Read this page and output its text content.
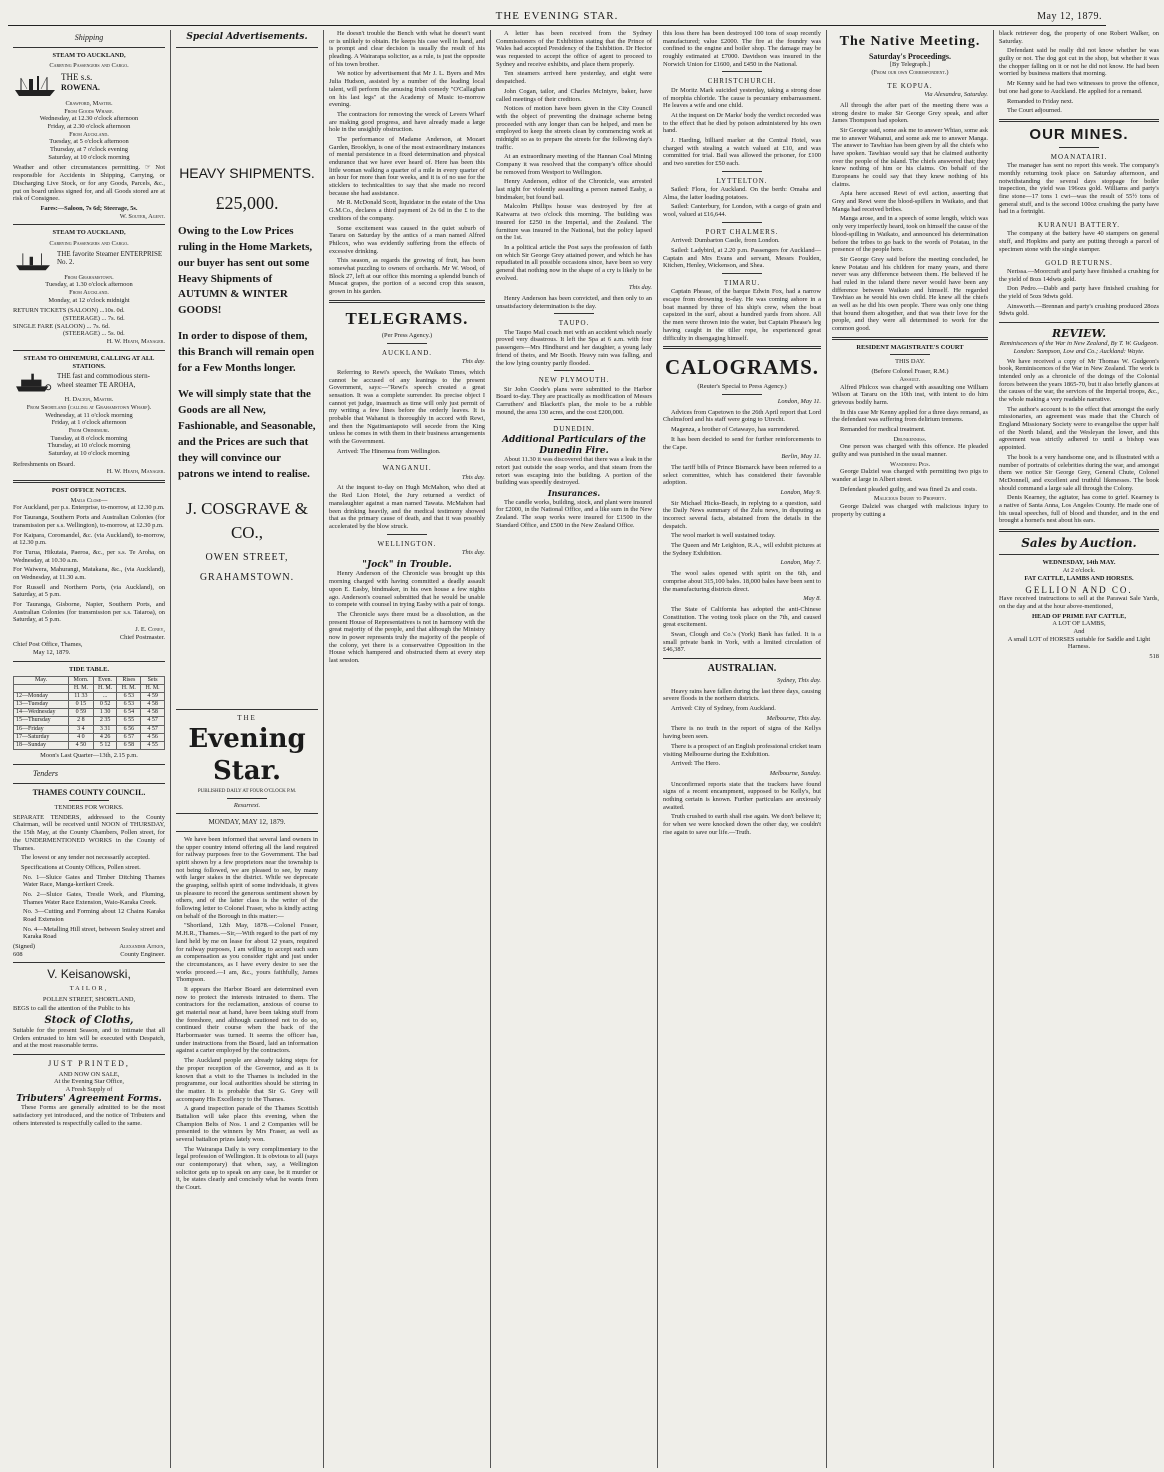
THE EVENING STAR.	May 12, 1879.
Shipping
STEAM TO AUCKLAND,
Carrying Passengers and Cargo.
THE s.s.
ROWENA.
Crawford, Master.
From Goods Wharf.
Wednesday, at 12.30 o'clock afternoon
Friday, at 2.30 o'clock afternoon
From Auckland.
Tuesday, at 5 o'clock afternoon
Thursday, at 7 o'clock evening
Saturday, at 10 o'clock morning

Weather and other circumstances permitting. ☞ Not responsible for Accidents in Shipping, Carrying, or Discharging Live Stock, or for any Goods, Parcels, &c., put on board unless signed for, and all Goods stored are at risk of Consignee.

Fares:—Saloon, 7s 6d; Steerage, 5s.
W. Souter, Agent.
STEAM TO AUCKLAND,
Carrying Passengers and Cargo.
THE favorite Steamer ENTERPRISE No. 2.
From Grahamstown.
Tuesday, at 1.30 o'clock afternoon
From Auckland.
Monday, at 12 o'clock midnight
RETURN TICKETS (SALOON) ...10s. 0d.
(STEERAGE) ... 7s. 6d.
SINGLE FARE (SALOON) ... 7s. 6d.
(STEERAGE) ... 5s. 0d.
H. W. Heath, Manager.
STEAM TO OHINEMURI, CALLING AT ALL STATIONS.
THE fast and commodious stern-wheel steamer TE AROHA,
H. Dalton, Master.
From Shortland (calling at Grahamstown Wharf).
Wednesday, at 11 o'clock morning
Friday, at 1 o'clock afternoon
From Ohinemuri.
Tuesday, at 8 o'clock morning
Thursday, at 10 o'clock morning
Saturday, at 10 o'clock morning
Refreshments on Board.
H. W. Heath, Manager.
POST OFFICE NOTICES.
Mails Close—

For Auckland, per p.s. Enterprise, to-morrow, at 12.30 p.m.

For Tauranga, Southern Ports and Australian Colonies (for transmission per s.s. Wellington), to-morrow, at 12.30 p.m.

For Kaipara, Coromandel, &c. (via Auckland), to-morrow, at 12.30 p.m.

For Turua, Hikutaia, Paeroa, &c., per s.s. Te Aroha, on Wednesday, at 10.30 a.m.

For Waiwera, Mahurangi, Matakana, &c., (via Auckland), on Wednesday, at 11.30 a.m.

For Russell and Northern Ports, (via Auckland), on Saturday, at 5 p.m.

For Tauranga, Gisborne, Napier, Southern Ports, and Australian Colonies (for transmission per s.s. Taiaroa), on Saturday, at 5 p.m.

J. E. Coney,
Chief Postmaster.
Chief Post Office, Thames,
May 12, 1879.
TIDE TABLE.
May.	Morn.	Even.	Rises	Sets
	H. M.	H. M.	H. M.	H. M.
12—Monday	11 33	...	6 53	4 59
13—Tuesday	0 15	0 52	6 53	4 58
14—Wednesday	0 59	1 30	6 54	4 58
15—Thursday	2 8	2 35	6 55	4 57
16—Friday	3 4	3 31	6 56	4 57
17—Saturday	4 0	4 26	6 57	4 56
18—Sunday	4 50	5 12	6 58	4 55
Moon's Last Quarter—13th, 2.15 p.m.
Tenders
THAMES COUNTY COUNCIL.
TENDERS FOR WORKS.

SEPARATE TENDERS, addressed to the County Chairman, will be received until NOON of THURSDAY, the 15th May, at the County Chambers, Pollen street, for the UNDERMENTIONED WORKS in the County of Thames.

The lowest or any tender not necessarily accepted.

Specifications at County Offices, Pollen street.

No. 1—Sluice Gates and Timber Ditching Thames Water Race, Manga-kerikeri Creek.

No. 2—Sluice Gates, Trestle Work, and Fluming, Thames Water Race Extension, Waio-Karaka Creek.

No. 3—Cutting and Forming about 12 Chains Karaka Road Extension

No. 4—Metalling Hill street, between Sealey street and Karaka Road

(Signed)	Alexander Aitken,
608	County Engineer.
V. Keisanowski,
TAILOR,
POLLEN STREET, SHORTLAND,

BEGS to call the attention of the Public to his

Stock of Cloths,

Suitable for the present Season, and to intimate that all Orders entrusted to him will be executed with Despatch, and at the most reasonable terms.

JUST PRINTED,
AND NOW ON SALE,
At the Evening Star Office,
A Fresh Supply of
Tributers' Agreement Forms.

These Forms are generally admitted to be the most satisfactory yet introduced, and the notice of Tributers and others interested is respectfully called to the same.

Special Advertisements.
HEAVY SHIPMENTS.
£25,000.
Owing to the Low Prices ruling in the Home Markets, our buyer has sent out some Heavy Shipments of AUTUMN & WINTER GOODS!
In order to dispose of them, this Branch will remain open for a Few Months longer.
We will simply state that the Goods are all New, Fashionable, and Seasonable, and the Prices are such that they will convince our patrons we intend to realise.
J. COSGRAVE & CO.,
OWEN STREET,
GRAHAMSTOWN.
THE
Evening Star.
PUBLISHED DAILY AT FOUR O'CLOCK P.M.
Resurrexi.
MONDAY, MAY 12, 1879.

We have been informed that several land owners in the upper country intend offering all the land required for railway purposes free to the Government. The bad spirit shown by a few proprietors near the township is not being followed, we are pleased to see, by many with larger stakes in the district. While we deprecate the grasping, selfish spirit of some individuals, it gives us pleasure to record the generous sentiment shown by others, and of the latter class is the writer of the following letter to Colonel Fraser, who is kindly acting on behalf of the Borough in this matter:—

"Shortland, 12th May, 1878.—Colonel Fraser, M.H.R., Thames.—Sir,—With regard to the part of my land held by me on lease for about 12 years, required for railway purposes, I am willing to accept such sum as compensation as you consider right and just under the circumstances, as I have every desire to see the works proceed.—I am, &c., yours faithfully, James Thompson.

It appears the Harbor Board are determined even now to protect the interests intrusted to them. The contractors for the reclamation, anxious of course to get material near at hand, have been taking stuff from the foreshore, and although cautioned not to do so, continued their course when the back of the Harbormaster was turned. It seems the officer has, under instructions from the Board, laid an information against a carter employed by the contractors.

The Auckland people are already taking steps for the proper reception of the Governor, and as it is known that a visit to the Thames is included in the programme, our local authorities should be stirring in the matter. It is probable that Sir G. Grey will accompany His Excellency to the Thames.

A grand inspection parade of the Thames Scottish Battalion will take place this evening, when the Champion Belts of Nos. 1 and 2 Companies will be presented to the winners by Mrs Fraser, as well as several battalion prizes lately won.

The Wairarapa Daily is very complimentary to the legal profession of Wellington. It is obvious to all (says our contemporary) that when, say, a Wellington solicitor gets up to speak on any case, be it murder or it, be states clearly and concisely what he wants from the Court.

He doesn't trouble the Bench with what he doesn't want or is unlikely to obtain. He keeps his case well in hand, and is prompt and clear decision is usually the result of his pleading. A Wairarapa solicitor, as a rule, is just the opposite of his town brother.

We notice by advertisement that Mr J. L. Byers and Mrs Julia Hudson, assisted by a number of the leading local talent, will perform the amusing Irish comedy "O'Callaghan on his last legs" at the Academy of Music to-morrow evening.

The contractors for removing the wreck of Levers Wharf are making good progress, and have already made a large hole in the unsightly obstruction.

The performance of Madame Anderson, at Mozart Garden, Brooklyn, is one of the most extraordinary instances of mental persistence in a fixed determination and physical endurance that we have ever heard of. Here has been this little woman walking a quarter of a mile in every quarter of an hour for more than four weeks, and it is of no use for the sticklers to technicalities to say that she made no record because she had assistance.

Mr R. McDonald Scott, liquidator in the estate of the Una G.M.Co., declares a third payment of 2s 6d in the £ to the creditors of the company.

Some excitement was caused in the quiet suburb of Tararu on Saturday by the antics of a man named Alfred Philcox, who was evidently suffering from the effects of excessive drinking.

This season, as regards the growing of fruit, has been somewhat puzzling to owners of orchards. Mr W. Wood, of Block 27, left at our office this morning a splendid bunch of Muscat grapes, the portion of a second crop this season, grown in his garden.

TELEGRAMS.
(Per Press Agency.)
AUCKLAND.
This day.

Referring to Rewi's speech, the Waikato Times, which cannot be accused of any leanings to the present Government, says:—"Rewi's speech created a great sensation. It was a complete surrender. Its precise object I cannot yet judge, inasmuch as time will only just permit of my writing a few lines before the orderly leaves. It is probable that Wahanui is thoroughly in accord with Rewi, and then the Ngatimaniapoto will secede from the King unless he comes in with them in their business arrangements with the Government.

Arrived: The Hinemoa from Wellington.

WANGANUI.
This day.

At the inquest to-day on Hugh McMahon, who died at the Red Lion Hotel, the Jury returned a verdict of manslaughter against a man named Tawata. McMahon had been drinking heavily, and the medical testimony showed that as the primary cause of death, and that it was possibly accelerated by the blow struck.

WELLINGTON.
This day.
"Jock" in Trouble.

Henry Anderson of the Chronicle was brought up this morning charged with having committed a deadly assault upon E. Easby, bindmaker, in his own house a few nights ago. Anderson's counsel submitted that he would be unable to compete with counsel in trying Easby with a pair of tongs.

The Chronicle says there must be a dissolution, as the present House of Representatives is not in harmony with the great majority of the people, and that although the Ministry now in power represents truly the majority of the people of the colony, yet there is a conservative Opposition in the House which hampered and obstructed them at every step last session.

A letter has been received from the Sydney Commissioners of the Exhibition stating that the Prince of Wales had accepted Presidency of the Exhibition. Dr Hector was requested to accept the office of agent to proceed to Sydney and receive exhibits, and place them properly.

Ten steamers arrived here yesterday, and eight were despatched.

John Cogan, tailor, and Charles McIntyre, baker, have called meetings of their creditors.

Notices of motion have been given in the City Council with the object of preventing the drainage scheme being proceeded with any longer than can be helped, and men be employed to keep the streets clean by commencing work at midnight so as to prepare the streets for the following day's traffic.

At an extraordinary meeting of the Hannan Coal Mining Company it was resolved that the company's office should be removed from Westport to Wellington.

Henry Anderson, editor of the Chronicle, was arrested last night for violently assaulting a person named Easby, a bindmaker, but found bail.

Malcolm Phillips house was destroyed by fire at Kaiwarra at two o'clock this morning. The building was insured for £250 in the Imperial, and the Zealand. The furniture was insured in the National, but the policy lapsed on the 1st.

In a political article the Post says the profession of faith on which Sir George Grey attained power, and which he has repudiated in all possible occasions since, have been so very general that nothing now in the shape of a cry is likely to be evolved.

This day.

Henry Anderson has been convicted, and then only to an unsatisfactory determination is the day.

TAUPO.

The Taupo Mail coach met with an accident which nearly proved very disastrous. It left the Spa at 6 a.m. with four passengers—Mrs Hindhurst and her daughter, a young lady friend of theirs, and Mr Booth. Heavy rain was falling, and the low lying country partly flooded.

NEW PLYMOUTH.

Sir John Coode's plans were submitted to the Harbor Board to-day. They are practically as modification of Messrs Carruthers' and Blackett's plan, the mole to be a rubble mound, the area 130 acres, and the cost £200,000.

DUNEDIN.
Additional Particulars of the Dunedin Fire.

About 11.30 it was discovered that there was a leak in the retort just outside the soap works, and that steam from the retort was escaping into the building. A portion of the building was speedily destroyed.

Insurances.

The candle works, building, stock, and plant were insured for £2000, in the National Office, and a like sum in the New Zealand. The soap works were insured for £1500 in the Standard Office, and £500 in the New Zealand Office.

this loss there has been destroyed 100 tons of soap recently manufactured; value £2000. The fire at the foundry was confined to the engine and boiler shop. The damage may be roughly estimated at £7000. Davidson was insured in the Norwich Union for £1600, and £450 in the National.

CHRISTCHURCH.

Dr Moritz Mark suicided yesterday, taking a strong dose of morphia chloride. The cause is pecuniary embarrassment. He leaves a wife and one child.

At the inquest on Dr Marks' body the verdict recorded was to the effect that he died by poison administered by his own hand.

J. Harding, billiard marker at the Central Hotel, was charged with stealing a watch valued at £10, and was committed for trial. Bail was allowed the prisoner, for £100 and two sureties for £50 each.

LYTTELTON.

Sailed: Flora, for Auckland. On the berth: Omaha and Alma, the latter loading potatoes.

Sailed: Canterbury, for London, with a cargo of grain and wool, valued at £16,644.

PORT CHALMERS.

Arrived: Dumbarton Castle, from London.

Sailed: Ladybird, at 2.20 p.m. Passengers for Auckland—Captain and Mrs Evans and servant, Messrs Foulden, Kitchen, Henley, Wickenson, and Shea.

TIMARU.

Captain Phease, of the barque Edwin Fox, had a narrow escape from drowning to-day. He was coming ashore in a boat manned by three of his ship's crew, when the boat capsized in the surf, about a hundred yards from shore. All the men were thrown into the water, but Captain Phease's leg having caught in the tiller rope, he experienced great difficulty in disengaging himself.

CALOGRAMS.
(Reuter's Special to Press Agency.)
London, May 11.

Advices from Capetown to the 26th April report that Lord Chelmsford and his staff were going to Utrecht.

Magenza, a brother of Cetawayo, has surrendered.

It has been decided to send for further reinforcements to the Cape.

Berlin, May 11.

The tariff bills of Prince Bismarck have been referred to a select committee, which has considered their favorable adoption.

London, May 9.

Sir Michael Hicks-Beach, in replying to a question, said the Daily News summary of the Zulu news, in disputing as incorrect several facts, abstained from the details in the despatch.

The wool market is well sustained today.

The Queen and Mr Leighton, R.A., will exhibit pictures at the Sydney Exhibition.

London, May 7.

The wool sales opened with spirit on the 6th, and comprise about 315,100 bales. 18,000 bales have been sent to the manufacturing districts direct.

May 8.

The State of California has adopted the anti-Chinese Constitution. The voting took place on the 7th, and caused great excitement.

Swan, Clough and Co.'s (York) Bank has failed. It is a small private bank in York, with a limited circulation of £46,387.

AUSTRALIAN.
Sydney, This day.

Heavy rains have fallen during the last three days, causing severe floods in the northern districts.

Arrived: City of Sydney, from Auckland.

Melbourne, This day.

There is no truth in the report of signs of the Kellys having been seen.

There is a prospect of an English professional cricket team visiting Melbourne during the Exhibition.

Arrived: The Hero.

Melbourne, Sunday.

Unconfirmed reports state that the trackers have found signs of a recent encampment, supposed to be Kelly's, but nothing certain is known. Further particulars are anxiously awaited.

Truth crushed to earth shall rise again. We don't believe it; for when we were knocked down the other day, we couldn't rise again to save our life.—Truth.

The Native Meeting.
Saturday's Proceedings.
[By Telegraph.]
(From our own Correspondent.)
TE KOPUA.
Via Alexandra, Saturday.

All through the after part of the meeting there was a strong desire to make Sir George Grey speak, and after James Thompson had spoken.

Sir George said, some ask me to answer Whiao, some ask me to answer Wahanui, and some ask me to answer Manga. The answer to Tawhiao has been given by all the chiefs who have spoken. Tawhiao would say that he claimed authority over the people of the island. The chiefs answered that; they knew nothing of him or his claims. On behalf of the Europeans he could say that they knew nothing of his claims.

Apia here accused Rewi of evil action, asserting that Grey and Rewi were the blood-spillers in Waikato, and that Manga had received bribes.

Manga arose, and in a speech of some length, which was only very imperfectly heard, took on himself the cause of the blood-spilling in Waikato, and announced his determination before the tribes to go back to the words of Potatau, in the presence of the people here.

Sir George Grey said before the meeting concluded, he knew Potatau and his children for many years, and there never was any difference between them. He believed if he had ruled in the island there never would have been any difference between Waikato and himself. He regarded Tawhiao as he would his own child. He knew all the chiefs as well as he did his own people. There was only one thing that bound them altogether, and that was their love for the people, and they were all determined to work for the common good.

RESIDENT MAGISTRATE'S COURT
THIS DAY.
(Before Colonel Fraser, R.M.)
Assault.

Alfred Philcox was charged with assaulting one William Wilson at Tararu on the 10th inst, with intent to do him grievous bodily harm.

In this case Mr Kenny applied for a three days remand, as the defendant was suffering from delirium tremens.

Remanded for medical treatment.

Drunkenness.

One person was charged with this offence. He pleaded guilty and was punished in the usual manner.

Wandering Pigs.

George Dalziel was charged with permitting two pigs to wander at large in Albert street.

Defendant pleaded guilty, and was fined 2s and costs.

Malicious Injury to Property.

George Dalziel was charged with malicious injury to property by cutting a

black retriever dog, the property of one Robert Walker, on Saturday.

Defendant said he really did not know whether he was guilty or not. The dog got cut in the shop, but whether it was the chopper falling on it or not he did not know. He had been worried by business matters that morning.

Mr Kenny said he had two witnesses to prove the offence, but one had gone to Auckland. He applied for a remand.

Remanded to Friday next.

The Court adjourned.

OUR MINES.
MOANATAIRI.

The manager has sent no report this week. The company's monthly returning took place on Saturday afternoon, and notwithstanding the several days stoppage for boiler inspection, the yield was 196ozs gold. Williams and party's fine stone—17 tons 1 cwt—was the result of 55½ tons of general stuff, and is the second 100oz crushing the party have had in a fortnight.

KURANUI BATTERY.

The company at the battery have 40 stampers on general stuff, and Hopkins and party are putting through a parcel of specimen stone with the single stamper.

GOLD RETURNS.

Nerissa.—Moorcraft and party have finished a crushing for the yield of 8ozs 14dwts gold.

Don Pedro.—Dabb and party have finished crushing for the yield of 5ozs 9dwts gold.

Ainsworth.—Brennan and party's crushing produced 28ozs 9dwts gold.

REVIEW.

Reminiscences of the War in New Zealand, By T. W. Gudgeon. London: Sampson, Low and Co.; Auckland: Wayte.

We have received a copy of Mr Thomas W. Gudgeon's book, Reminiscences of the War in New Zealand. The work is intended only as a chronicle of the doings of the Colonial forces between the years 1865-70, but it also briefly glances at the causes of the war, the services of the Imperial troops, &c., the whole making a very readable narrative.

The author's account is to the effect that amongst the early missionaries, an agreement was made that the Church of England Missionary Society were to evangelise the upper half of the North Island, and the Wesleyan the lower, and this agreement was strictly adhered to until a bishop was appointed.

The book is a very handsome one, and is illustrated with a number of portraits of celebrities during the war, and amongst them we notice Sir George Grey, General Chute, Colonel McDonnell, and excellent and truthful likenesses. The book should command a large sale all through the Colony.

Denis Kearney, the agitator, has come to grief. Kearney is a native of Santa Anna, Los Angeles County. He made one of his usual speeches, full of blood and thunder, and in the end brought a hornet's nest about his ears.

Sales by Auction.
WEDNESDAY, 14th MAY.
At 2 o'clock.
FAT CATTLE, LAMBS AND HORSES.
GELLION AND CO.

Have received instructions to sell at the Parawai Sale Yards, on the day and at the hour above-mentioned,

HEAD OF PRIME FAT CATTLE,
A LOT OF LAMBS,
And

A small LOT of HORSES suitable for Saddle and Light Harness.

518
